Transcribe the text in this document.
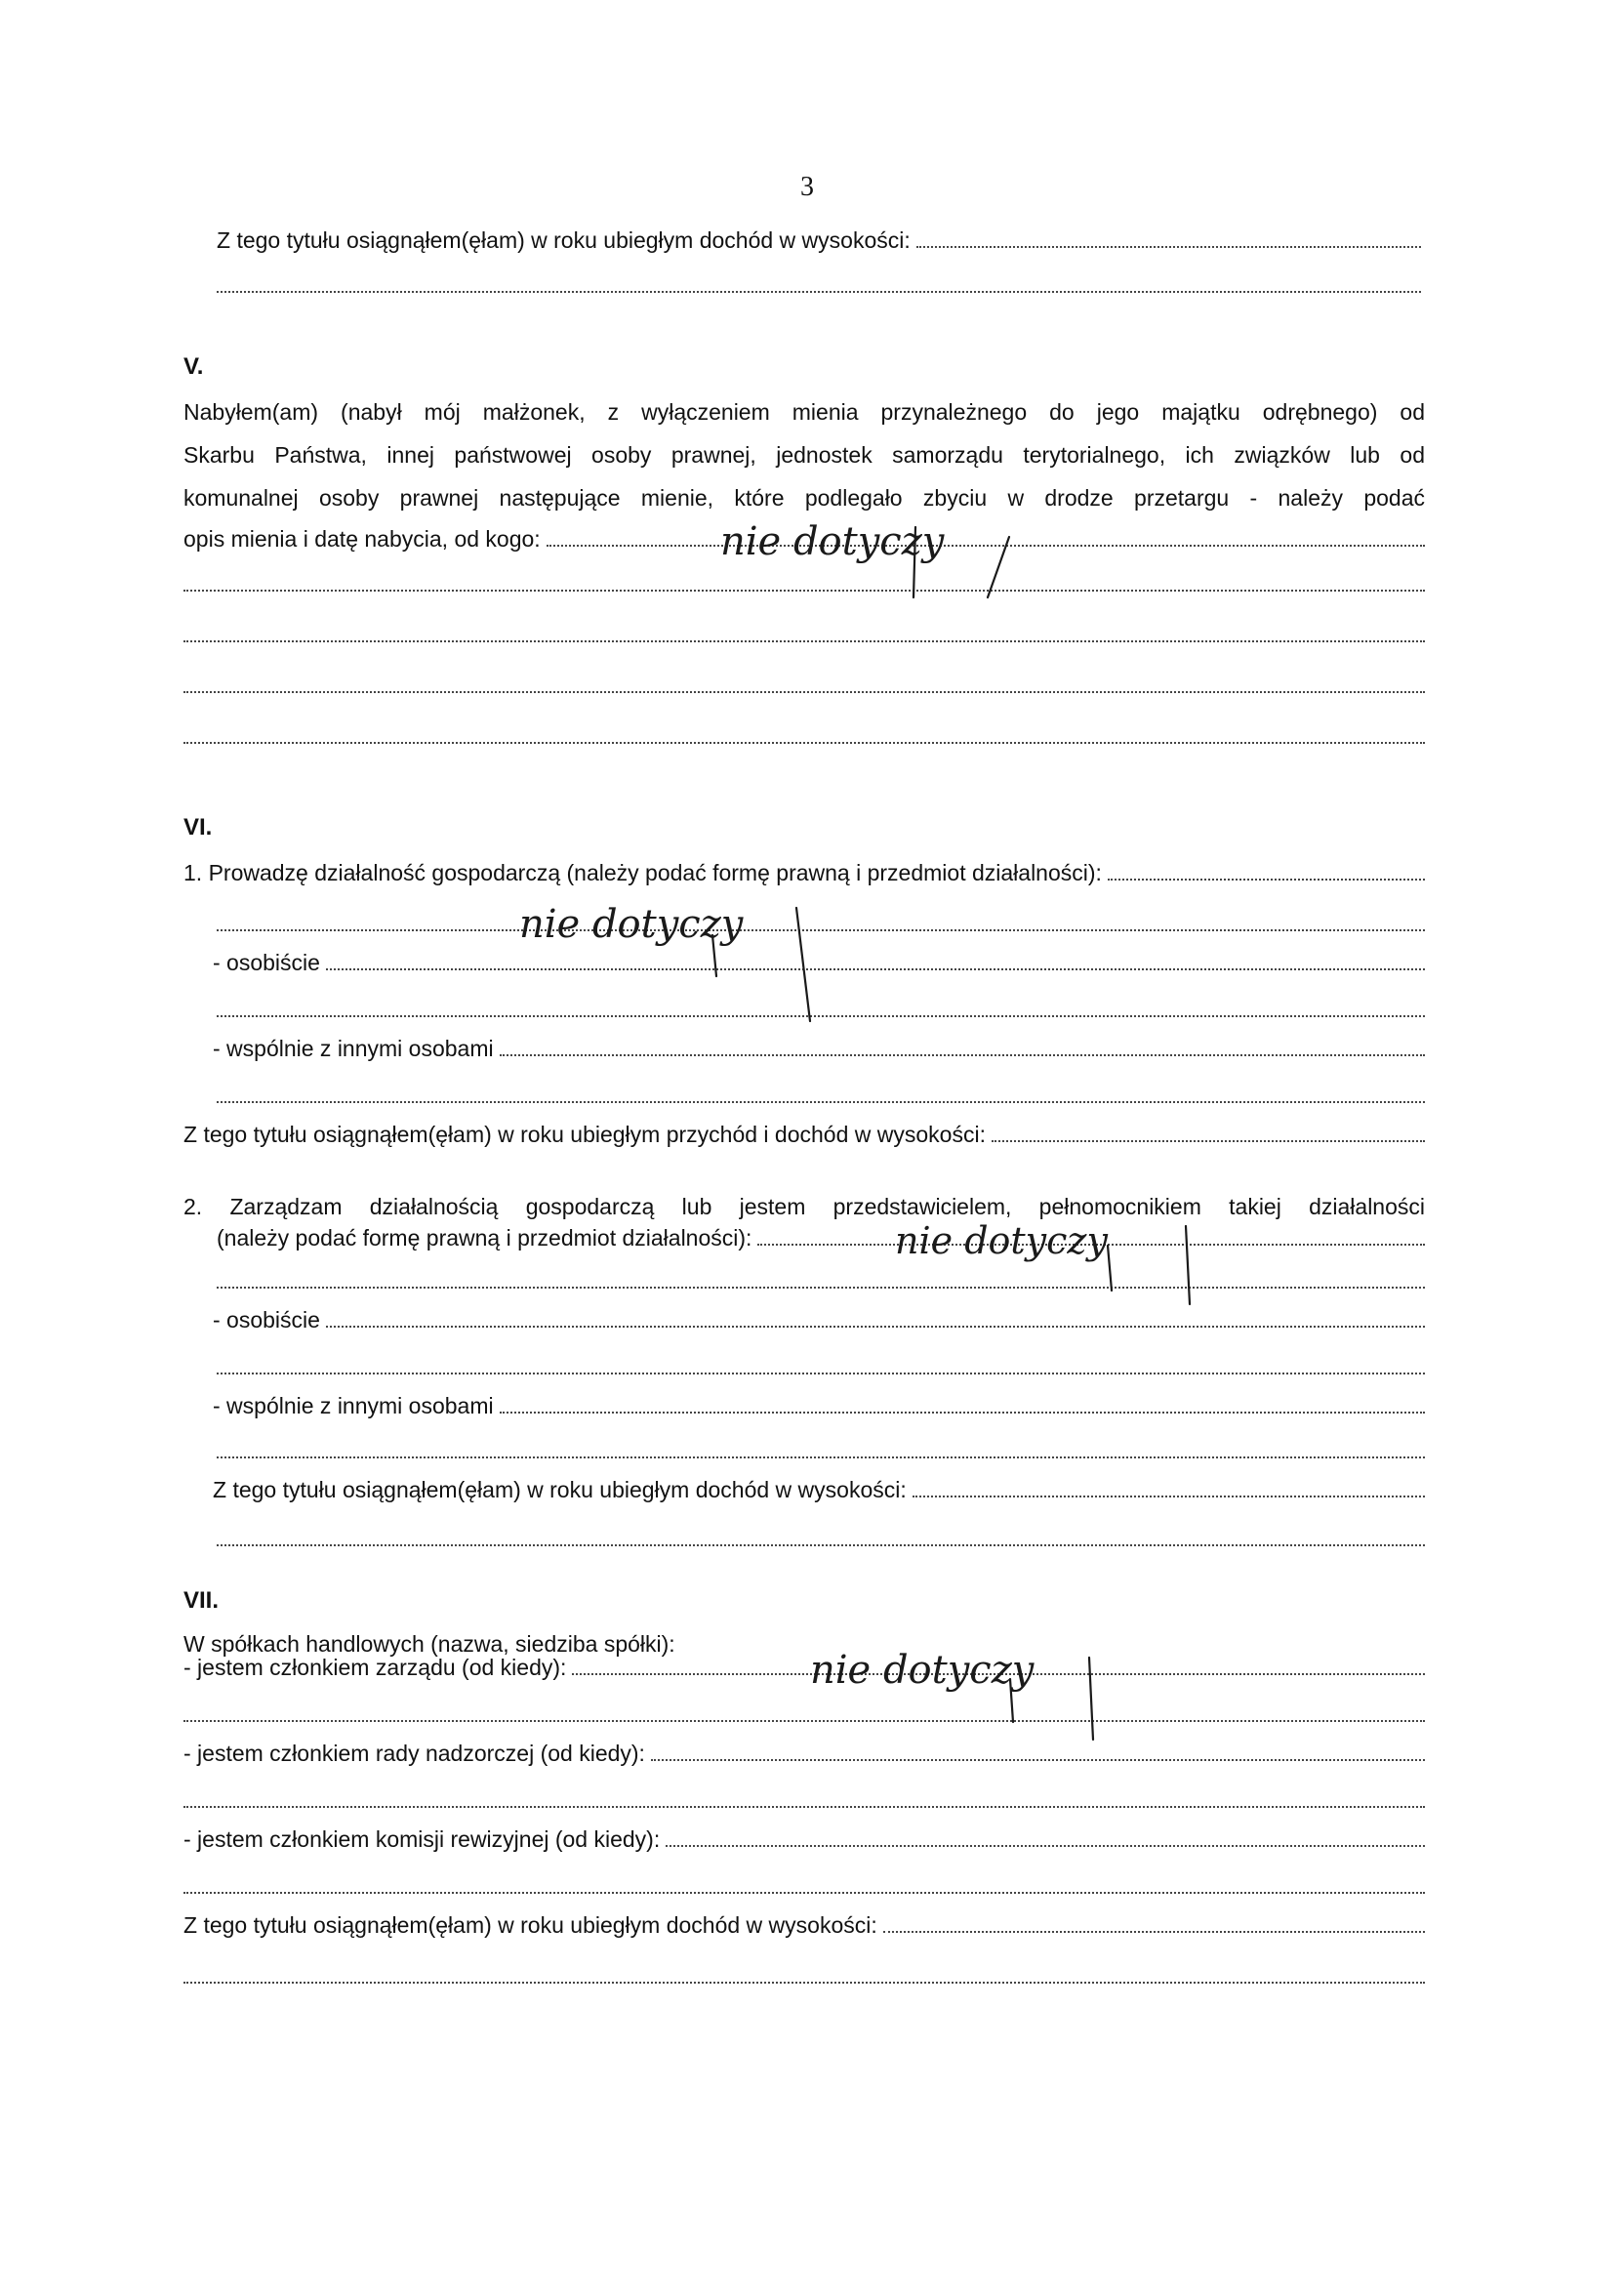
3
Z tego tytułu osiągnąłem(ęłam) w roku ubiegłym dochód w wysokości:
V.
Nabyłem(am) (nabył mój małżonek, z wyłączeniem mienia przynależnego do jego majątku odrębnego) od
Skarbu Państwa, innej państwowej osoby prawnej, jednostek samorządu terytorialnego, ich związków lub od
komunalnej osoby prawnej następujące mienie, które podlegało zbyciu w drodze przetargu - należy podać
opis mienia i datę nabycia, od kogo:	nie dotyczy
VI.
1. Prowadzę działalność gospodarczą (należy podać formę prawną i przedmiot działalności):
- osobiście
- wspólnie z innymi osobami
Z tego tytułu osiągnąłem(ęłam) w roku ubiegłym przychód i dochód w wysokości:
nie dotyczy
2. Zarządzam działalnością gospodarczą lub jestem przedstawicielem, pełnomocnikiem takiej działalności
(należy podać formę prawną i przedmiot działalności):
- osobiście
- wspólnie z innymi osobami
Z tego tytułu osiągnąłem(ęłam) w roku ubiegłym dochód w wysokości:
nie dotyczy
VII.
W spółkach handlowych (nazwa, siedziba spółki):
- jestem członkiem zarządu (od kiedy):	nie dotyczy
- jestem członkiem rady nadzorczej (od kiedy):
- jestem członkiem komisji rewizyjnej (od kiedy):
Z tego tytułu osiągnąłem(ęłam) w roku ubiegłym dochód w wysokości:
